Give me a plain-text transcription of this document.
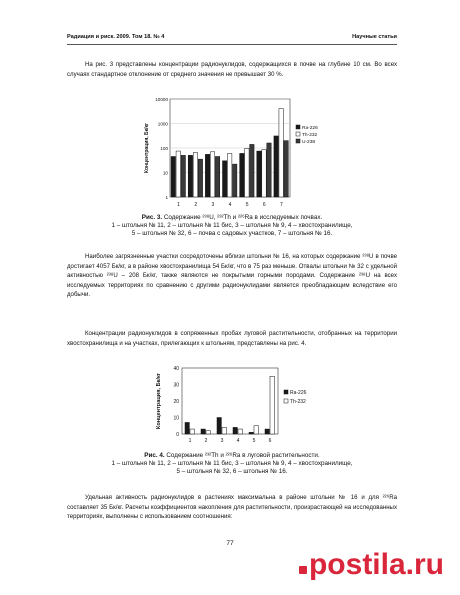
Радиация и риск. 2009. Том 18. № 4	Научные статьи

На рис. 3 представлены концентрации радионуклидов, содержащихся в почве на глубине 10 см. Во всех случаях стандартное отклонение от среднего значения не превышает 30 %.

1
10
100
1000
10000
1	2	3	4	5	6	7
Концентрация, Бк/кг	Ra-226
Th-232
U-238
Рис. 3. Содержание ²³⁸U, ²³²Th и ²²⁶Ra в исследуемых почвах.
1 – штольня № 11, 2 – штольня № 11 бис, 3 – штольня № 9, 4 – хвостохранилище,
5 – штольня № 32, 6 – почва с садовых участков, 7 – штольня № 16.

Наиболее загрязненные участки сосредоточены вблизи штольни № 16, на которых содержание ²³⁸U в почве достигает 4057 Бк/кг, а в районе хвостохранилища 54 Бк/кг, что в 75 раз меньше. Отвалы штольни № 32 с удельной активностью ²³⁸U – 208 Бк/кг, также являются не покрытыми горными породами. Содержание ²³⁸U на всех исследуемых территориях по сравнению с другими радионуклидами является преобладающим вследствие его добычи.

Концентрации радионуклидов в сопряженных пробах луговой растительности, отобранных на территории хвостохранилища и на участках, прилегающих к штольням, представлены на рис. 4.

0
10
20
30
40
1	2	3	4	5	6
Концентрация, Бк/кг	Ra-226
Th-232
Рис. 4. Содержание ²³²Th и ²²⁶Ra в луговой растительности.
1 – штольня № 11, 2 – штольня № 11 бис, 3 – штольня № 9, 4 – хвостохранилище,
5 – штольня № 32, 6 – штольня № 16.

Удельная активность радионуклидов в растениях максимальна в районе штольни № 16 и для ²²⁶Ra составляет 35 Бк/кг. Расчеты коэффициентов накопления для растительности, произрастающей на исследованных территориях, выполнены с использованием соотношения:

77
postila.ru
